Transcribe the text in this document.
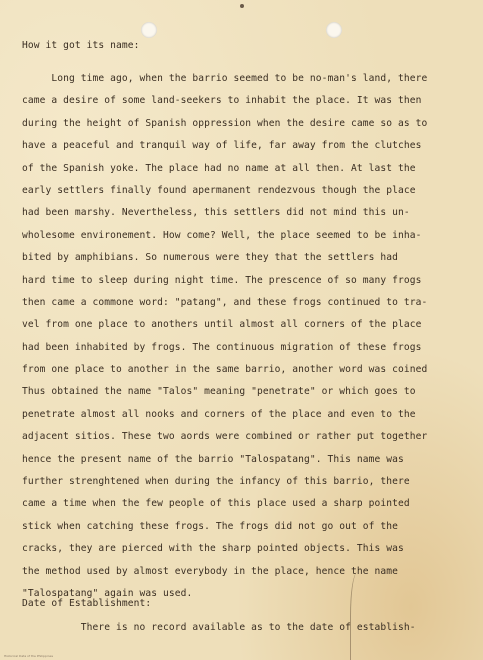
How it got its name:
Long time ago, when the barrio seemed to be no-man's land, there
came a desire of some land-seekers to inhabit the place. It was then
during the height of Spanish oppression when the desire came so as to
have a peaceful and tranquil way of life, far away from the clutches
of the Spanish yoke. The place had no name at all then. At last the
early settlers finally found apermanent rendezvous though the place
had been marshy. Nevertheless, this settlers did not mind this un-
wholesome environement. How come? Well, the place seemed to be inha-
bited by amphibians. So numerous were they that the settlers had
hard time to sleep during night time. The prescence of so many frogs
then came a commone word: "patang", and these frogs continued to tra-
vel from one place to anothers until almost all corners of the place
had been inhabited by frogs. The continuous migration of these frogs
from one place to another in the same barrio, another word was coined
Thus obtained the name "Talos" meaning "penetrate" or which goes to
penetrate almost all nooks and corners of the place and even to the
adjacent sitios. These two aords were combined or rather put together
hence the present name of the barrio "Talospatang". This name was
further strenghtened when during the infancy of this barrio, there
came a time when the few people of this place used a sharp pointed
stick when catching these frogs. The frogs did not go out of the
cracks, they are pierced with the sharp pointed objects. This was
the method used by almost everybody in the place, hence the name
"Talospatang" again was used.
Date of Establishment:
There is no record available as to the date of establish-
Historical Data of the Philippines
